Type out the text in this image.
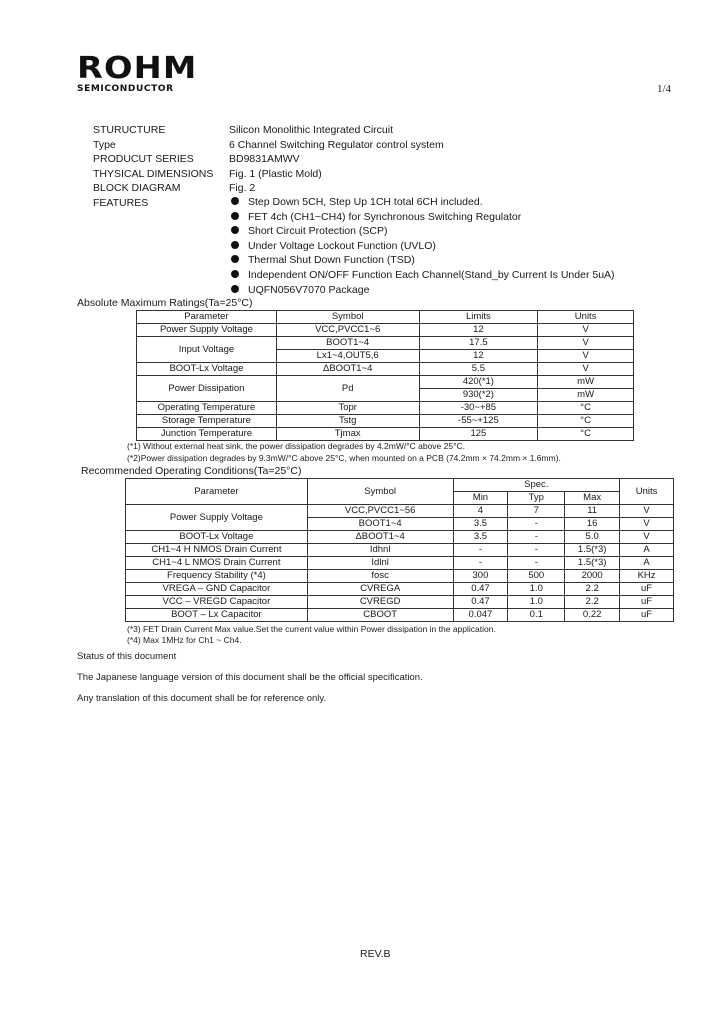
ROHM
SEMICONDUCTOR	1/4
STURUCTURE	Silicon Monolithic Integrated Circuit
Type	6 Channel Switching Regulator control system
PRODUCUT SERIES	BD9831AMWV
THYSICAL DIMENSIONS Fig. 1 (Plastic Mold)
BLOCK DIAGRAM	Fig. 2
FEATURES	Step Down 5CH, Step Up 1CH total 6CH included.
FET 4ch (CH1~CH4) for Synchronous Switching Regulator
Short Circuit Protection (SCP)
Under Voltage Lockout Function (UVLO)
Thermal Shut Down Function (TSD)
Independent ON/OFF Function Each Channel(Stand_by Current Is Under 5uA)
UQFN056V7070 Package
Absolute Maximum Ratings(Ta=25°C)
Parameter	Symbol	Limits	Units
Power Supply Voltage	VCC,PVCC1~6	12	V
Input Voltage	BOOT1~4	17.5	V
	Lx1~4,OUT5,6	12	V
BOOT-Lx Voltage	ΔBOOT1~4	5.5	V
Power Dissipation	Pd	420(*1)	mW
		930(*2)	mW
Operating Temperature	Topr	-30~+85	°C
Storage Temperature	Tstg	-55~+125	°C
Junction Temperature	Tjmax	125	°C
(*1) Without external heat sink, the power dissipation degrades by 4.2mW/°C above 25°C.
(*2)Power dissipation degrades by 9.3mW/°C above 25°C, when mounted on a PCB (74.2mm × 74.2mm × 1.6mm).
Recommended Operating Conditions(Ta=25°C)
Parameter	Symbol	Spec.			Units
		Min	Typ	Max	
Power Supply Voltage	VCC,PVCC1~56	4	7	11	V
	BOOT1~4	3.5	-	16	V
BOOT-Lx Voltage	ΔBOOT1~4	3.5	-	5.0	V
CH1~4 H NMOS Drain Current	Idhnl	-	-	1.5(*3)	A
CH1~4 L NMOS Drain Current	Idlnl	-	-	1.5(*3)	A
Frequency Stability (*4)	fosc	300	500	2000	KHz
VREGA – GND Capacitor	CVREGA	0.47	1.0	2.2	uF
VCC – VREGD Capacitor	CVREGD	0.47	1.0	2.2	uF
BOOT – Lx Capacitor	CBOOT	0.047	0.1	0.22	uF
(*3) FET Drain Current Max value.Set the current value within Power dissipation in the application.
(*4) Max 1MHz for Ch1 ~ Ch4.
Status of this document
The Japanese language version of this document shall be the official specification.
Any translation of this document shall be for reference only.
REV.B
